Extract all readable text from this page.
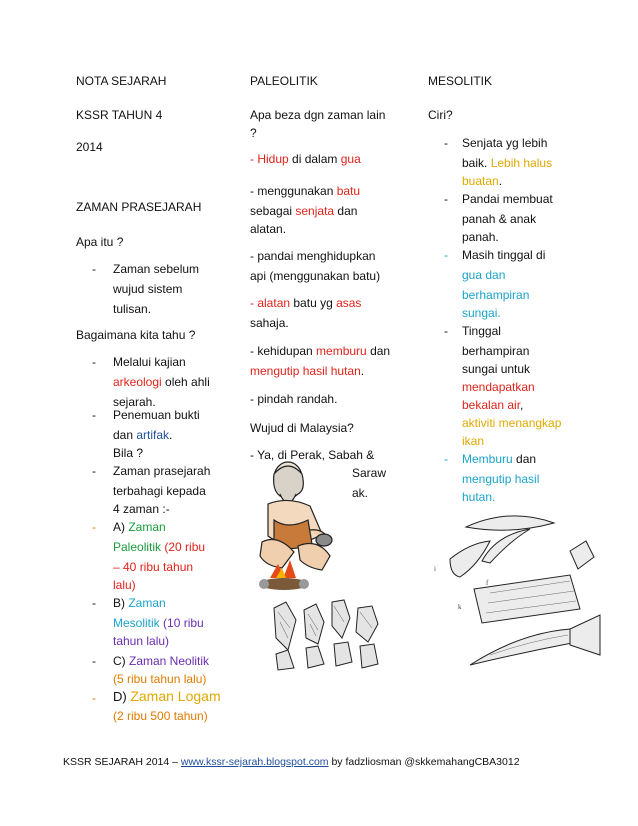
NOTA SEJARAH
KSSR TAHUN 4
2014
ZAMAN PRASEJARAH
Apa itu ?
- Zaman sebelum
wujud sistem
tulisan.
Bagaimana kita tahu ?
- Melalui kajian
arkeologi oleh ahli
sejarah.
- Penemuan bukti
dan artifak.
Bila ?
- Zaman prasejarah
terbahagi kepada
4 zaman :-
- A) Zaman
Paleolitik (20 ribu
– 40 ribu tahun
lalu)
- B) Zaman
Mesolitik (10 ribu
tahun lalu)
- C) Zaman Neolitik
(5 ribu tahun lalu)
- D) Zaman Logam
(2 ribu 500 tahun)
PALEOLITIK
Apa beza dgn zaman lain
?
- Hidup di dalam gua
- menggunakan batu
sebagai senjata dan
alatan.
- pandai menghidupkan
api (menggunakan batu)
- alatan batu yg asas
sahaja.
- kehidupan memburu dan
mengutip hasil hutan.
- pindah randah.
Wujud di Malaysia?
- Ya, di Perak, Sabah &
Saraw
ak.
MESOLITIK
Ciri?
- Senjata yg lebih
baik. Lebih halus
buatan.
- Pandai membuat
panah & anak
panah.
- Masih tinggal di
gua dan
berhampiran
sungai.
- Tinggal
berhampiran
sungai untuk
mendapatkan
bekalan air,
aktiviti menangkap
ikan
- Memburu dan
mengutip hasil
hutan.
i
f
k
KSSR SEJARAH 2014 – www.kssr-sejarah.blogspot.com by fadzliosman @skkemahangCBA3012
